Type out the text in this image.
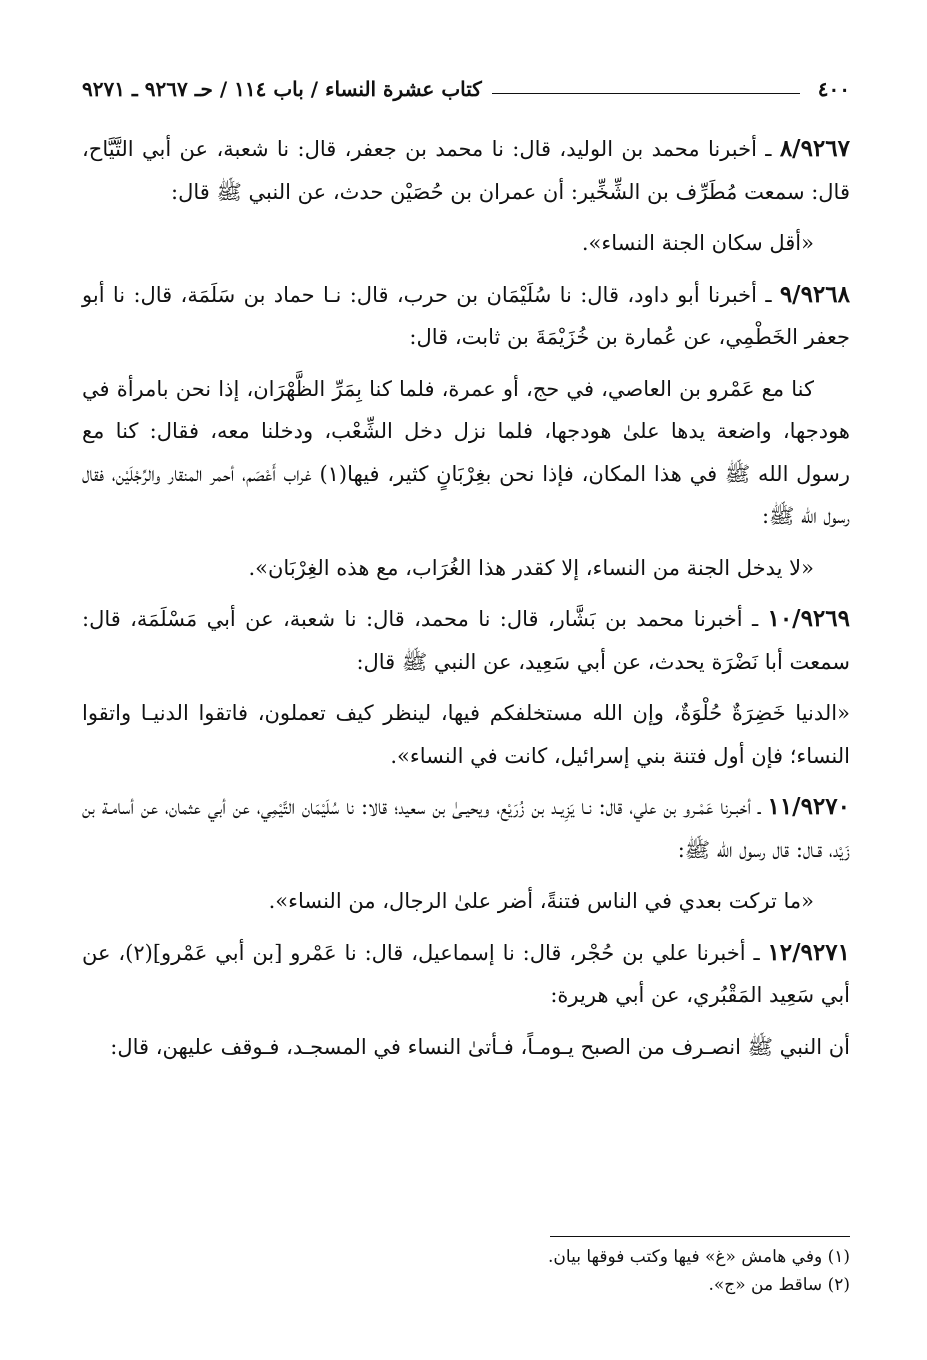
٤٠٠
كتاب عشرة النساء / باب ١١٤ / حـ ٩٢٦٧ ـ ٩٢٧١

٨/٩٢٦٧ ـ أخبرنا محمد بن الوليد، قال: نا محمد بن جعفر، قال: نا شعبة، عن أبي التَّيَّاح، قال: سمعت مُطَرِّف بن الشِّخِّير: أن عمران بن حُصَيْن حدث، عن النبي ﷺ قال:

«أقل سكان الجنة النساء».

٩/٩٢٦٨ ـ أخبرنا أبو داود، قال: نا سُلَيْمَان بن حرب، قال: نـا حماد بن سَلَمَة، قال: نا أبو جعفر الخَطْمِي، عن عُمارة بن خُزَيْمَةَ بن ثابت، قال:

كنا مع عَمْرو بن العاصي، في حج، أو عمرة، فلما كنا بِمَرِّ الظَّهْرَان، إذا نحن بامرأة في هودجها، واضعة يدها علىٰ هودجها، فلما نزل دخل الشِّعْب، ودخلنا معه، فقال: كنا مع رسول الله ﷺ في هذا المكان، فإذا نحن بغِرْبَانٍ كثير، فيها(١) غراب أَعْصَم، أحمر المنقار والرِّجْلَيْن، فقال رسول الله ﷺ:

«لا يدخل الجنة من النساء، إلا كقدر هذا الغُرَاب، مع هذه الغِرْبَان».

١٠/٩٢٦٩ ـ أخبرنا محمد بن بَشَّار، قال: نا محمد، قال: نا شعبة، عن أبي مَسْلَمَة، قال: سمعت أبا نَضْرَة يحدث، عن أبي سَعِيد، عن النبي ﷺ قال:

«الدنيا خَضِرَةٌ حُلْوَةٌ، وإن الله مستخلفكم فيها، لينظر كيف تعملون، فاتقوا الدنيـا واتقوا النساء؛ فإن أول فتنة بني إسرائيل، كانت في النساء».

١١/٩٢٧٠ ـ أخبـرنا عَمْـرو بن علي، قال: نـا يَزِيـد بن زُرَيْع، ويحيـىٰ بن سعيد؛ قالا: نا سُلَيْمَان التَّيْمِي، عن أبي عثمان، عن أسامـة بن زَيْد، قـال: قال رسول الله ﷺ:

«ما تركت بعدي في الناس فتنةً، أضر علىٰ الرجال، من النساء».

١٢/٩٢٧١ ـ أخبرنا علي بن حُجْر، قال: نا إسماعيل، قال: نا عَمْرو [بن أبي عَمْرو](٢)، عن أبي سَعِيد المَقْبُري، عن أبي هريرة:

أن النبي ﷺ انصـرف من الصبح يـومـاً، فـأتىٰ النساء في المسجـد، فـوقف عليهن، قال:

(١) وفي هامش «غ» فيها وكتب فوقها بيان.

(٢) ساقط من «ج».
